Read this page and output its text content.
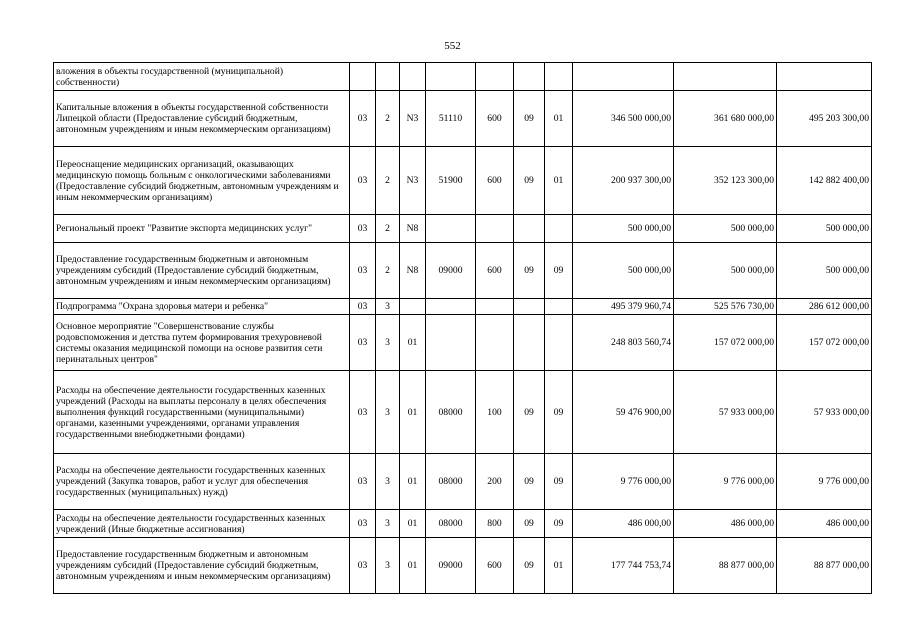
552
вложения в объекты государственной (муниципальной) собственности)										
Капитальные вложения в объекты государственной собственности Липецкой области (Предоставление субсидий бюджетным, автономным учреждениям и иным некоммерческим организациям)	03	2	N3	51110	600	09	01	346 500 000,00	361 680 000,00	495 203 300,00
Переоснащение медицинских организаций, оказывающих медицинскую помощь больным с онкологическими заболеваниями (Предоставление субсидий бюджетным, автономным учреждениям и иным некоммерческим организациям)	03	2	N3	51900	600	09	01	200 937 300,00	352 123 300,00	142 882 400,00
Региональный проект "Развитие экспорта медицинских услуг"	03	2	N8					500 000,00	500 000,00	500 000,00
Предоставление государственным бюджетным и автономным учреждениям субсидий (Предоставление субсидий бюджетным, автономным учреждениям и иным некоммерческим организациям)	03	2	N8	09000	600	09	09	500 000,00	500 000,00	500 000,00
Подпрограмма "Охрана здоровья матери и ребенка"	03	3						495 379 960,74	525 576 730,00	286 612 000,00
Основное мероприятие "Совершенствование службы родовспоможения и детства путем формирования трехуровневой системы оказания медицинской помощи на основе развития сети перинатальных центров"	03	3	01					248 803 560,74	157 072 000,00	157 072 000,00
Расходы на обеспечение деятельности государственных казенных учреждений (Расходы на выплаты персоналу в целях обеспечения выполнения функций государственными (муниципальными) органами, казенными учреждениями, органами управления государственными внебюджетными фондами)	03	3	01	08000	100	09	09	59 476 900,00	57 933 000,00	57 933 000,00
Расходы на обеспечение деятельности государственных казенных учреждений (Закупка товаров, работ и услуг для обеспечения государственных (муниципальных) нужд)	03	3	01	08000	200	09	09	9 776 000,00	9 776 000,00	9 776 000,00
Расходы на обеспечение деятельности государственных казенных учреждений (Иные бюджетные ассигнования)	03	3	01	08000	800	09	09	486 000,00	486 000,00	486 000,00
Предоставление государственным бюджетным и автономным учреждениям субсидий (Предоставление субсидий бюджетным, автономным учреждениям и иным некоммерческим организациям)	03	3	01	09000	600	09	01	177 744 753,74	88 877 000,00	88 877 000,00
